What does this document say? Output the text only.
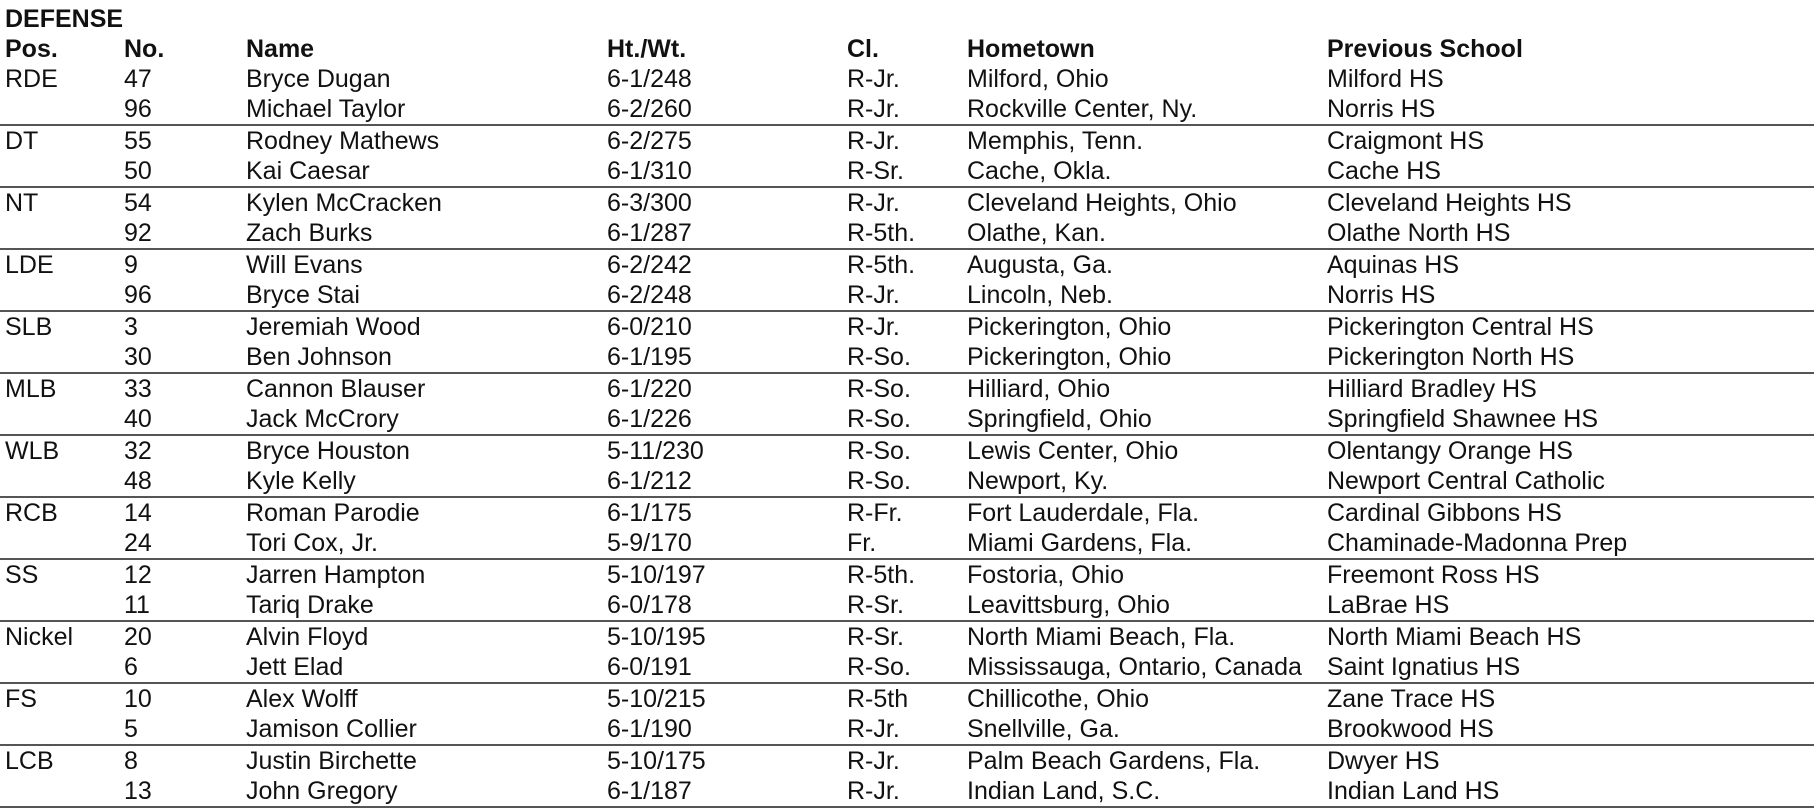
DEFENSE
Pos.	No.	Name	Ht./Wt.	Cl.	Hometown	Previous School
RDE	47	Bryce Dugan	6-1/248	R-Jr.	Milford, Ohio	Milford HS
	96	Michael Taylor	6-2/260	R-Jr.	Rockville Center, Ny.	Norris HS
DT	55	Rodney Mathews	6-2/275	R-Jr.	Memphis, Tenn.	Craigmont HS
	50	Kai Caesar	6-1/310	R-Sr.	Cache, Okla.	Cache HS
NT	54	Kylen McCracken	6-3/300	R-Jr.	Cleveland Heights, Ohio	Cleveland Heights HS
	92	Zach Burks	6-1/287	R-5th.	Olathe, Kan.	Olathe North HS
LDE	9	Will Evans	6-2/242	R-5th.	Augusta, Ga.	Aquinas HS
	96	Bryce Stai	6-2/248	R-Jr.	Lincoln, Neb.	Norris HS
SLB	3	Jeremiah Wood	6-0/210	R-Jr.	Pickerington, Ohio	Pickerington Central HS
	30	Ben Johnson	6-1/195	R-So.	Pickerington, Ohio	Pickerington North HS
MLB	33	Cannon Blauser	6-1/220	R-So.	Hilliard, Ohio	Hilliard Bradley HS
	40	Jack McCrory	6-1/226	R-So.	Springfield, Ohio	Springfield Shawnee HS
WLB	32	Bryce Houston	5-11/230	R-So.	Lewis Center, Ohio	Olentangy Orange HS
	48	Kyle Kelly	6-1/212	R-So.	Newport, Ky.	Newport Central Catholic
RCB	14	Roman Parodie	6-1/175	R-Fr.	Fort Lauderdale, Fla.	Cardinal Gibbons HS
	24	Tori Cox, Jr.	5-9/170	Fr.	Miami Gardens, Fla.	Chaminade-Madonna Prep
SS	12	Jarren Hampton	5-10/197	R-5th.	Fostoria, Ohio	Freemont Ross HS
	11	Tariq Drake	6-0/178	R-Sr.	Leavittsburg, Ohio	LaBrae HS
Nickel	20	Alvin Floyd	5-10/195	R-Sr.	North Miami Beach, Fla.	North Miami Beach HS
	6	Jett Elad	6-0/191	R-So.	Mississauga, Ontario, Canada	Saint Ignatius HS
FS	10	Alex Wolff	5-10/215	R-5th	Chillicothe, Ohio	Zane Trace HS
	5	Jamison Collier	6-1/190	R-Jr.	Snellville, Ga.	Brookwood HS
LCB	8	Justin Birchette	5-10/175	R-Jr.	Palm Beach Gardens, Fla.	Dwyer HS
	13	John Gregory	6-1/187	R-Jr.	Indian Land, S.C.	Indian Land HS
